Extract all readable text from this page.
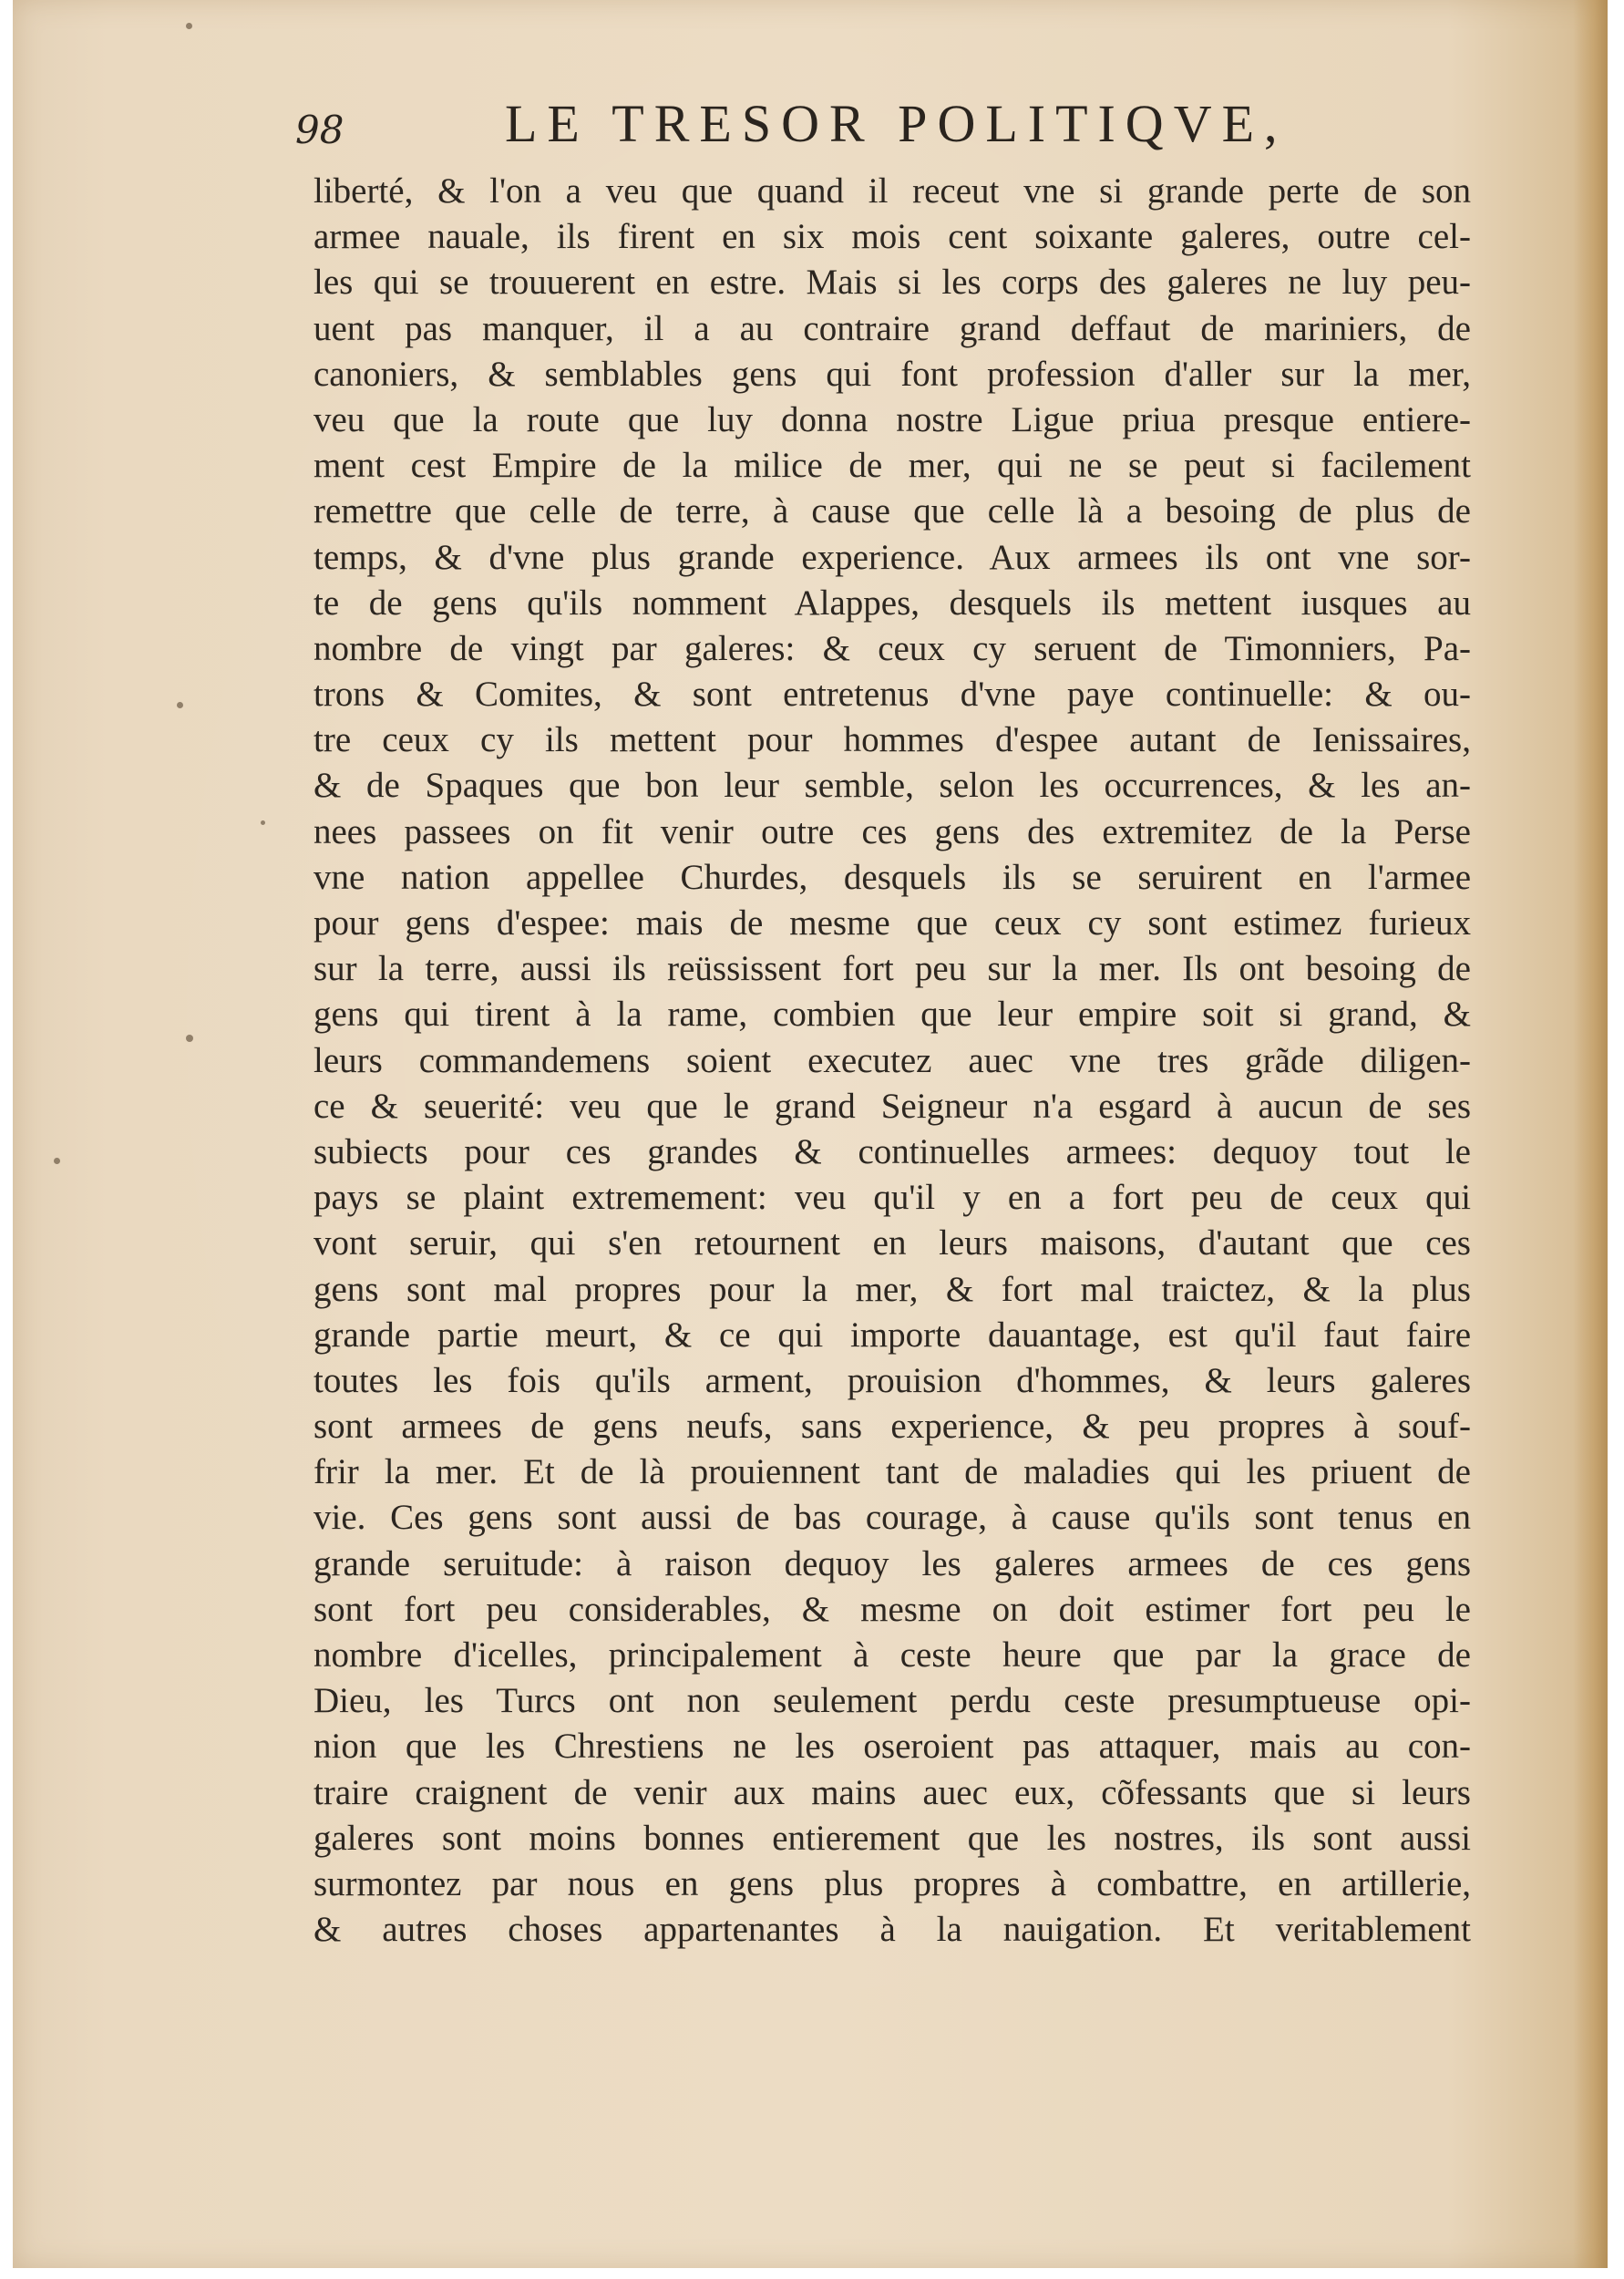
98	LE TRESOR POLITIQVE,
liberté, & l'on a veu que quand il receut vne si grande perte de son
armee nauale, ils firent en six mois cent soixante galeres, outre cel-
les qui se trouuerent en estre. Mais si les corps des galeres ne luy peu-
uent pas manquer, il a au contraire grand deffaut de mariniers, de
canoniers, & semblables gens qui font profession d'aller sur la mer,
veu que la route que luy donna nostre Ligue priua presque entiere-
ment cest Empire de la milice de mer, qui ne se peut si facilement
remettre que celle de terre, à cause que celle là a besoing de plus de
temps, & d'vne plus grande experience. Aux armees ils ont vne sor-
te de gens qu'ils nomment Alappes, desquels ils mettent iusques au
nombre de vingt par galeres: & ceux cy seruent de Timonniers, Pa-
trons & Comites, & sont entretenus d'vne paye continuelle: & ou-
tre ceux cy ils mettent pour hommes d'espee autant de Ienissaires,
& de Spaques que bon leur semble, selon les occurrences, & les an-
nees passees on fit venir outre ces gens des extremitez de la Perse
vne nation appellee Churdes, desquels ils se seruirent en l'armee
pour gens d'espee: mais de mesme que ceux cy sont estimez furieux
sur la terre, aussi ils reüssissent fort peu sur la mer. Ils ont besoing de
gens qui tirent à la rame, combien que leur empire soit si grand, &
leurs commandemens soient executez auec vne tres grãde diligen-
ce & seuerité: veu que le grand Seigneur n'a esgard à aucun de ses
subiects pour ces grandes & continuelles armees: dequoy tout le
pays se plaint extremement: veu qu'il y en a fort peu de ceux qui
vont seruir, qui s'en retournent en leurs maisons, d'autant que ces
gens sont mal propres pour la mer, & fort mal traictez, & la plus
grande partie meurt, & ce qui importe dauantage, est qu'il faut faire
toutes les fois qu'ils arment, prouision d'hommes, & leurs galeres
sont armees de gens neufs, sans experience, & peu propres à souf-
frir la mer. Et de là prouiennent tant de maladies qui les priuent de
vie. Ces gens sont aussi de bas courage, à cause qu'ils sont tenus en
grande seruitude: à raison dequoy les galeres armees de ces gens
sont fort peu considerables, & mesme on doit estimer fort peu le
nombre d'icelles, principalement à ceste heure que par la grace de
Dieu, les Turcs ont non seulement perdu ceste presumptueuse opi-
nion que les Chrestiens ne les oseroient pas attaquer, mais au con-
traire craignent de venir aux mains auec eux, cõfessants que si leurs
galeres sont moins bonnes entierement que les nostres, ils sont aussi
surmontez par nous en gens plus propres à combattre, en artillerie,
& autres choses appartenantes à la nauigation. Et veritablement
